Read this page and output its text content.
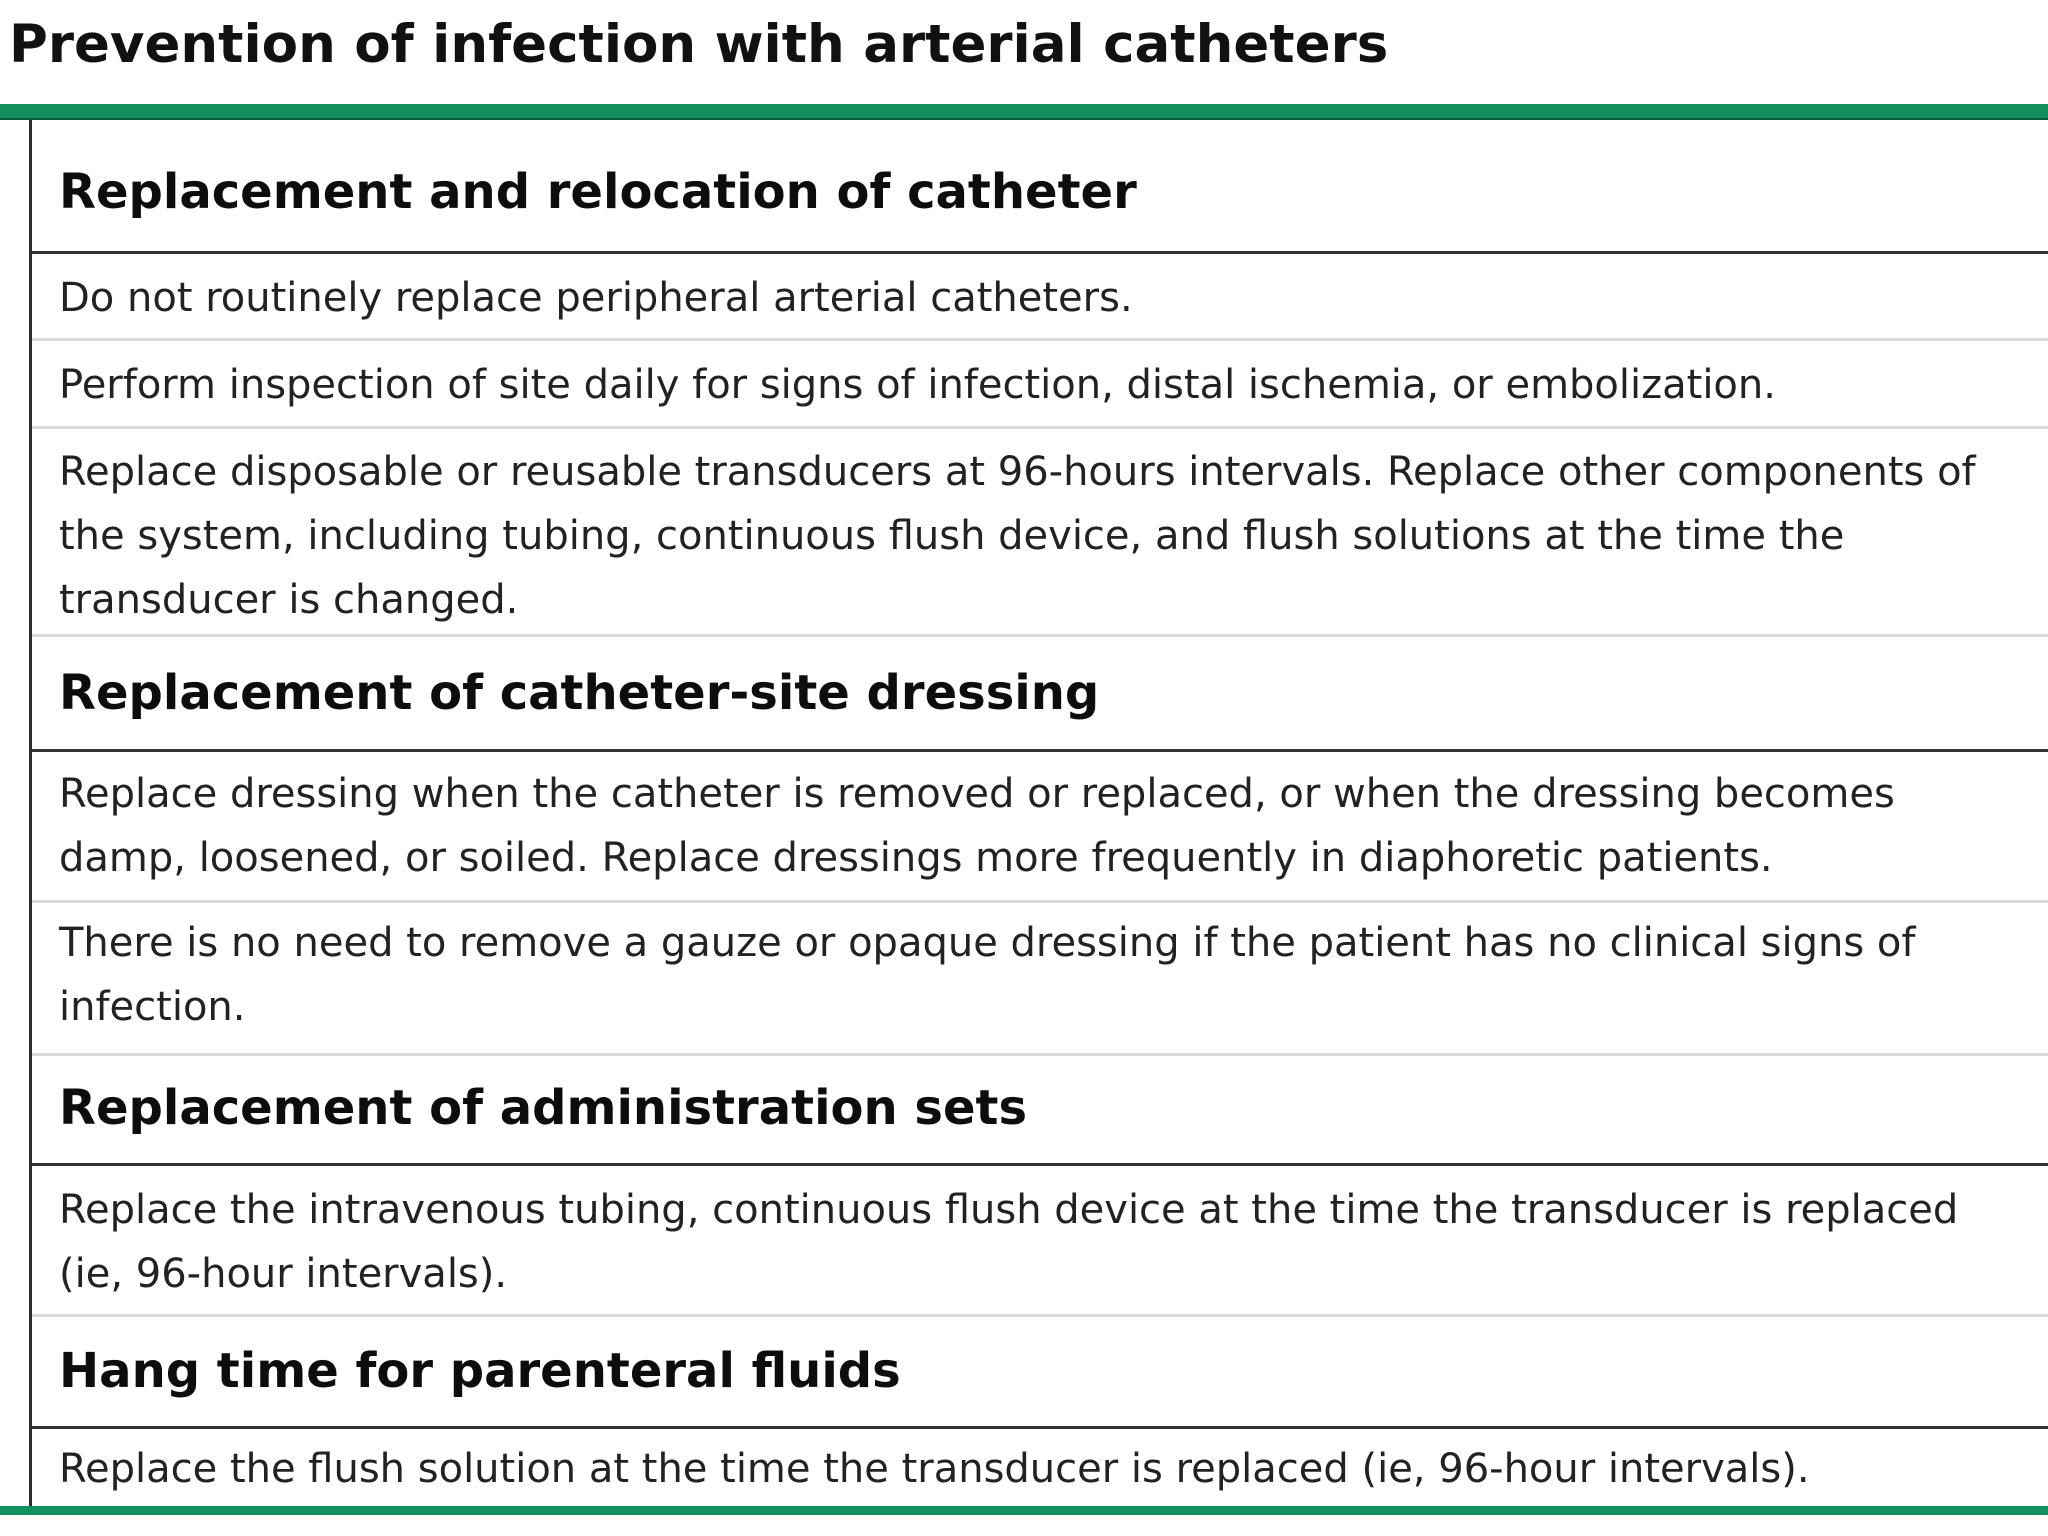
Prevention of infection with arterial catheters
Replacement and relocation of catheter
Do not routinely replace peripheral arterial catheters.
Perform inspection of site daily for signs of infection, distal ischemia, or embolization.
Replace disposable or reusable transducers at 96-hours intervals. Replace other components of the system, including tubing, continuous flush device, and flush solutions at the time the transducer is changed.
Replacement of catheter-site dressing
Replace dressing when the catheter is removed or replaced, or when the dressing becomes damp, loosened, or soiled. Replace dressings more frequently in diaphoretic patients.
There is no need to remove a gauze or opaque dressing if the patient has no clinical signs of infection.
Replacement of administration sets
Replace the intravenous tubing, continuous flush device at the time the transducer is replaced (ie, 96-hour intervals).
Hang time for parenteral fluids
Replace the flush solution at the time the transducer is replaced (ie, 96-hour intervals).
